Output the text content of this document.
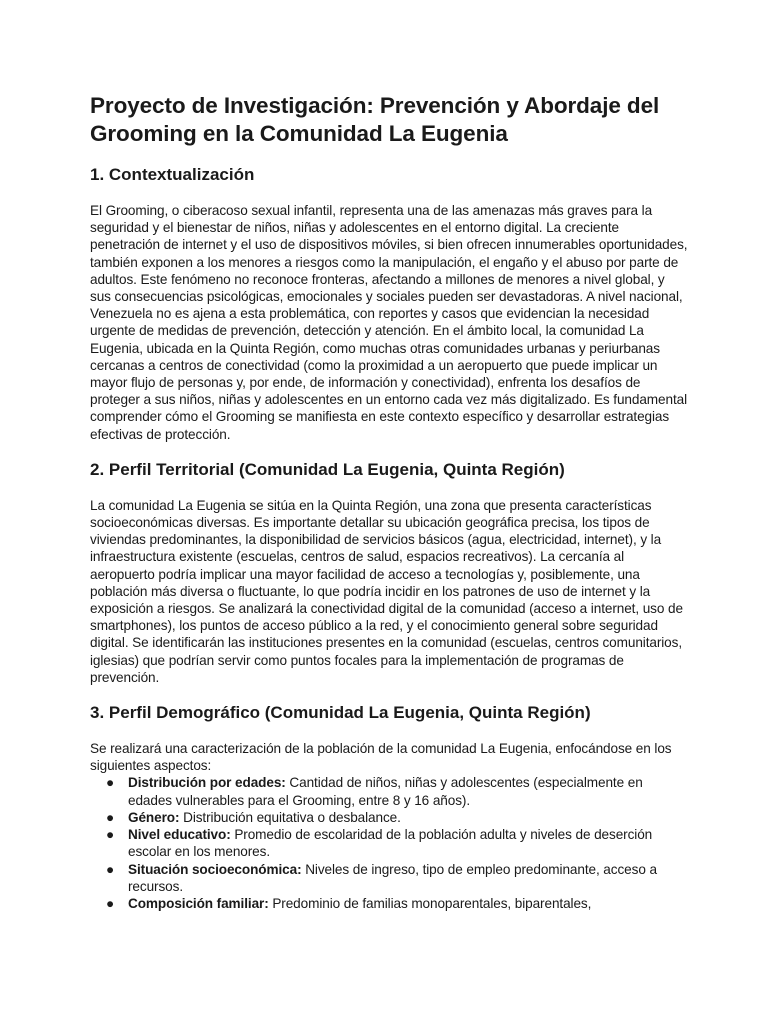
Proyecto de Investigación: Prevención y Abordaje del Grooming en la Comunidad La Eugenia
1. Contextualización

El Grooming, o ciberacoso sexual infantil, representa una de las amenazas más graves para la seguridad y el bienestar de niños, niñas y adolescentes en el entorno digital. La creciente penetración de internet y el uso de dispositivos móviles, si bien ofrecen innumerables oportunidades, también exponen a los menores a riesgos como la manipulación, el engaño y el abuso por parte de adultos. Este fenómeno no reconoce fronteras, afectando a millones de menores a nivel global, y sus consecuencias psicológicas, emocionales y sociales pueden ser devastadoras. A nivel nacional, Venezuela no es ajena a esta problemática, con reportes y casos que evidencian la necesidad urgente de medidas de prevención, detección y atención. En el ámbito local, la comunidad La Eugenia, ubicada en la Quinta Región, como muchas otras comunidades urbanas y periurbanas cercanas a centros de conectividad (como la proximidad a un aeropuerto que puede implicar un mayor flujo de personas y, por ende, de información y conectividad), enfrenta los desafíos de proteger a sus niños, niñas y adolescentes en un entorno cada vez más digitalizado. Es fundamental comprender cómo el Grooming se manifiesta en este contexto específico y desarrollar estrategias efectivas de protección.

2. Perfil Territorial (Comunidad La Eugenia, Quinta Región)

La comunidad La Eugenia se sitúa en la Quinta Región, una zona que presenta características socioeconómicas diversas. Es importante detallar su ubicación geográfica precisa, los tipos de viviendas predominantes, la disponibilidad de servicios básicos (agua, electricidad, internet), y la infraestructura existente (escuelas, centros de salud, espacios recreativos). La cercanía al aeropuerto podría implicar una mayor facilidad de acceso a tecnologías y, posiblemente, una población más diversa o fluctuante, lo que podría incidir en los patrones de uso de internet y la exposición a riesgos. Se analizará la conectividad digital de la comunidad (acceso a internet, uso de smartphones), los puntos de acceso público a la red, y el conocimiento general sobre seguridad digital. Se identificarán las instituciones presentes en la comunidad (escuelas, centros comunitarios, iglesias) que podrían servir como puntos focales para la implementación de programas de prevención.

3. Perfil Demográfico (Comunidad La Eugenia, Quinta Región)

Se realizará una caracterización de la población de la comunidad La Eugenia, enfocándose en los siguientes aspectos:

● Distribución por edades: Cantidad de niños, niñas y adolescentes (especialmente en edades vulnerables para el Grooming, entre 8 y 16 años).
● Género: Distribución equitativa o desbalance.
● Nivel educativo: Promedio de escolaridad de la población adulta y niveles de deserción escolar en los menores.
● Situación socioeconómica: Niveles de ingreso, tipo de empleo predominante, acceso a recursos.
● Composición familiar: Predominio de familias monoparentales, biparentales,
